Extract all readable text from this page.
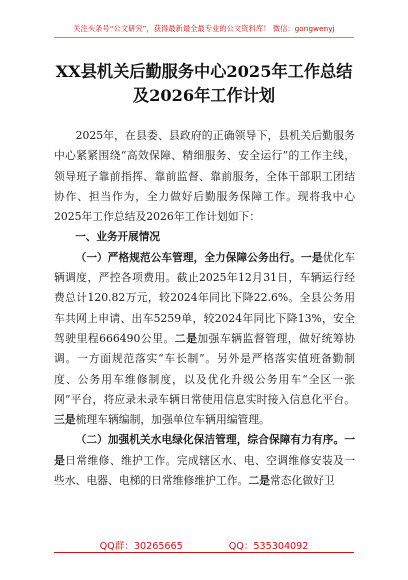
关注头条号“公文研究”，获得最新最全最专业的公文资料库！ 微信：gongwenyj
XX县机关后勤服务中心2025年工作总结
及2026年工作计划

2025年，在县委、县政府的正确领导下，县机关后勤服务中心紧紧围绕“高效保障、精细服务、安全运行”的工作主线，领导班子靠前指挥、靠前监督、靠前服务，全体干部职工团结协作、担当作为，全力做好后勤服务保障工作。现将我中心2025年工作总结及2026年工作计划如下：

一、业务开展情况

（一）严格规范公车管理，全力保障公务出行。一是优化车辆调度，严控各项费用。截止2025年12月31日，车辆运行经费总计120.82万元，较2024年同比下降22.6%。全县公务用车共网上申请、出车5259单，较2024年同比下降13%，安全驾驶里程666490公里。二是加强车辆监督管理，做好统筹协调。一方面规范落实“车长制”。另外是严格落实值班备勤制度、公务用车维修制度，以及优化升级公务用车“全区一张网”平台，将应录未录车辆日常使用信息实时接入信息化平台。三是梳理车辆编制，加强单位车辆用编管理。

（二）加强机关水电绿化保洁管理，综合保障有力有序。一是日常维修、维护工作。完成辖区水、电、空调维修安装及一些水、电器、电梯的日常维修维护工作。二是常态化做好卫

QQ群：30265665	QQ：535304092
